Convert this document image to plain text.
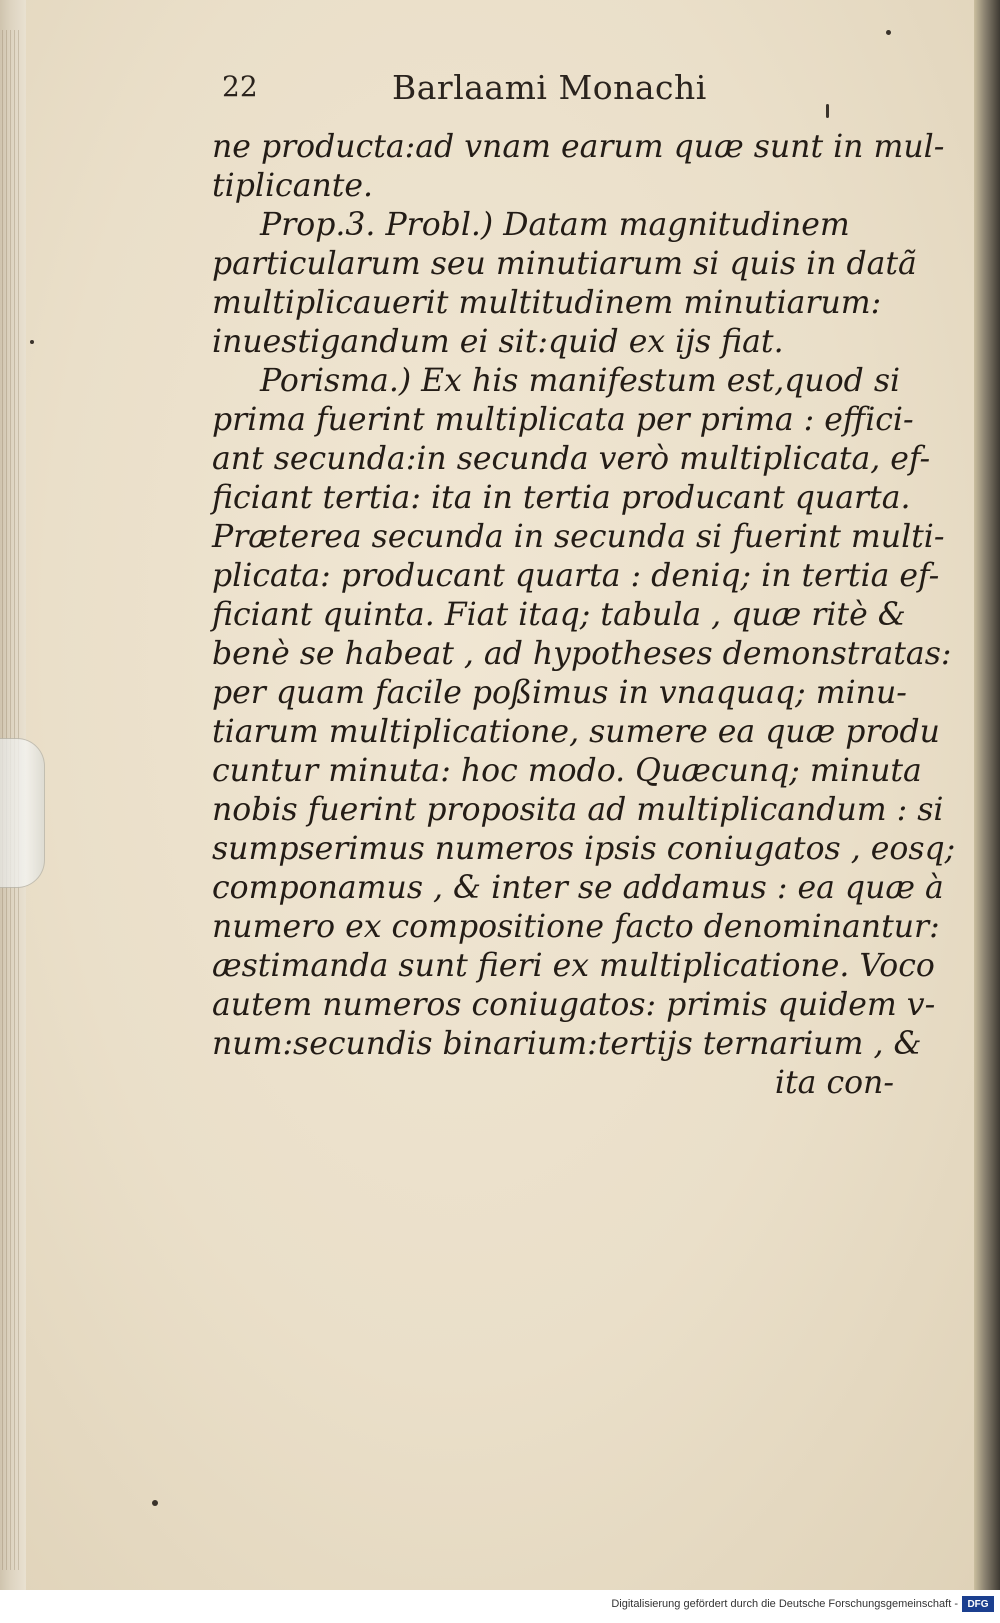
22	Barlaami Monachi
ne producta:ad vnam earum quæ sunt in mul-
tiplicante.
Prop.3. Probl.) Datam magnitudinem
particularum seu minutiarum si quis in datã
multiplicauerit multitudinem minutiarum:
inuestigandum ei sit:quid ex ijs fiat.
Porisma.) Ex his manifestum est,quod si
prima fuerint multiplicata per prima : effici-
ant secunda:in secunda verò multiplicata, ef-
ficiant tertia: ita in tertia producant quarta.
Præterea secunda in secunda si fuerint multi-
plicata: producant quarta : deniq; in tertia ef-
ficiant quinta. Fiat itaq; tabula , quæ ritè &
benè se habeat , ad hypotheses demonstratas:
per quam facile poßimus in vnaquaq; minu-
tiarum multiplicatione, sumere ea quæ produ
cuntur minuta: hoc modo. Quæcunq; minuta
nobis fuerint proposita ad multiplicandum : si
sumpserimus numeros ipsis coniugatos , eosq;
componamus , & inter se addamus : ea quæ à
numero ex compositione facto denominantur:
æstimanda sunt fieri ex multiplicatione. Voco
autem numeros coniugatos: primis quidem v-
num:secundis binarium:tertijs ternarium , &
ita con-
Digitalisierung gefördert durch die Deutsche Forschungsgemeinschaft - DFG
